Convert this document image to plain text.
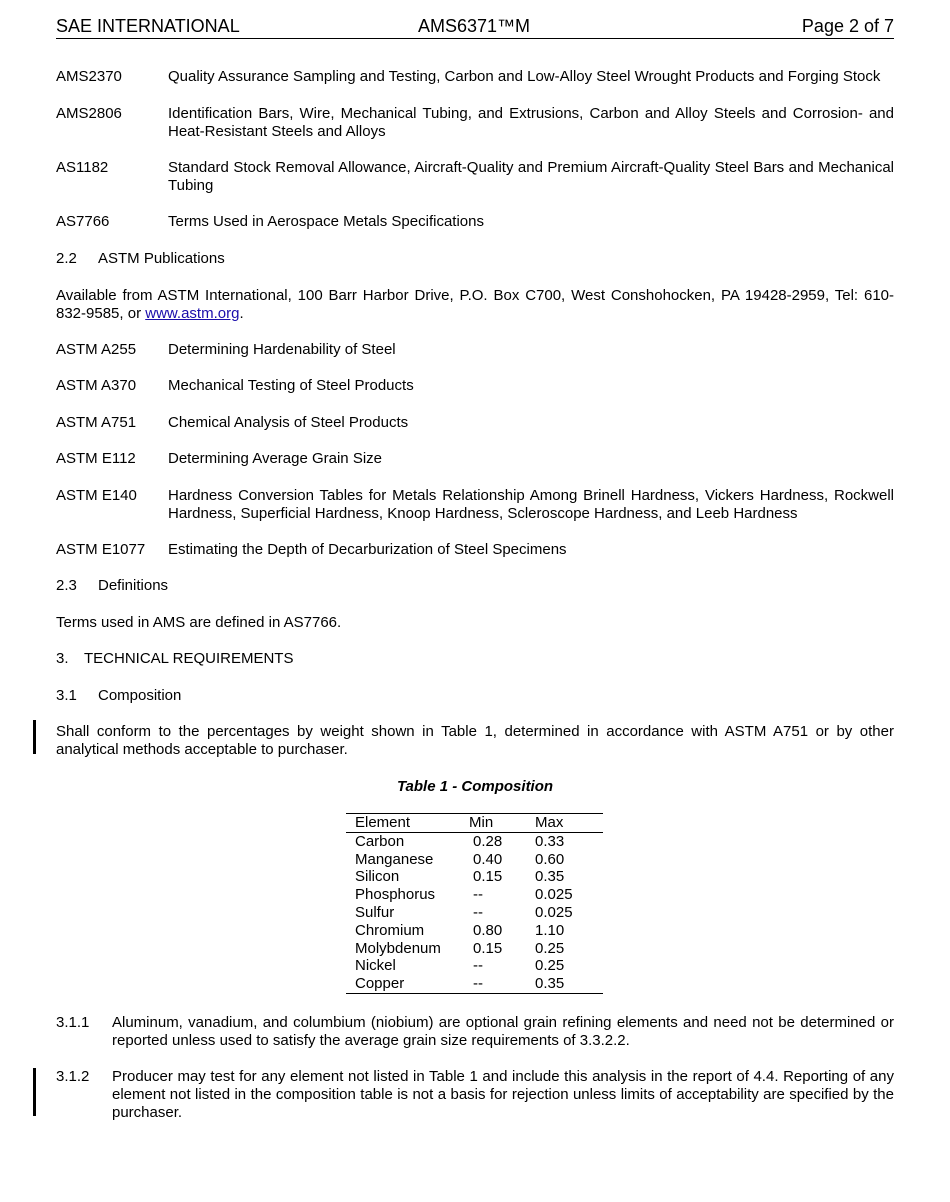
SAE INTERNATIONAL	AMS6371™M	Page 2 of 7
AMS2370	Quality Assurance Sampling and Testing, Carbon and Low-Alloy Steel Wrought Products and Forging Stock
AMS2806	Identification Bars, Wire, Mechanical Tubing, and Extrusions, Carbon and Alloy Steels and Corrosion- and Heat-Resistant Steels and Alloys
AS1182	Standard Stock Removal Allowance, Aircraft-Quality and Premium Aircraft-Quality Steel Bars and Mechanical Tubing
AS7766	Terms Used in Aerospace Metals Specifications
2.2 ASTM Publications
Available from ASTM International, 100 Barr Harbor Drive, P.O. Box C700, West Conshohocken, PA 19428-2959, Tel: 610-832-9585, or www.astm.org.
ASTM A255 Determining Hardenability of Steel
ASTM A370 Mechanical Testing of Steel Products
ASTM A751 Chemical Analysis of Steel Products
ASTM E112 Determining Average Grain Size
ASTM E140 Hardness Conversion Tables for Metals Relationship Among Brinell Hardness, Vickers Hardness, Rockwell Hardness, Superficial Hardness, Knoop Hardness, Scleroscope Hardness, and Leeb Hardness
ASTM E1077 Estimating the Depth of Decarburization of Steel Specimens
2.3 Definitions
Terms used in AMS are defined in AS7766.
3. TECHNICAL REQUIREMENTS
3.1 Composition
Shall conform to the percentages by weight shown in Table 1, determined in accordance with ASTM A751 or by other analytical methods acceptable to purchaser.
Table 1 - Composition
Element	Min	Max
Carbon	0.28	0.33
Manganese	0.40	0.60
Silicon	0.15	0.35
Phosphorus	--	0.025
Sulfur	--	0.025
Chromium	0.80	1.10
Molybdenum	0.15	0.25
Nickel	--	0.25
Copper	--	0.35
3.1.1 Aluminum, vanadium, and columbium (niobium) are optional grain refining elements and need not be determined or reported unless used to satisfy the average grain size requirements of 3.3.2.2.
3.1.2 Producer may test for any element not listed in Table 1 and include this analysis in the report of 4.4. Reporting of any element not listed in the composition table is not a basis for rejection unless limits of acceptability are specified by the purchaser.
